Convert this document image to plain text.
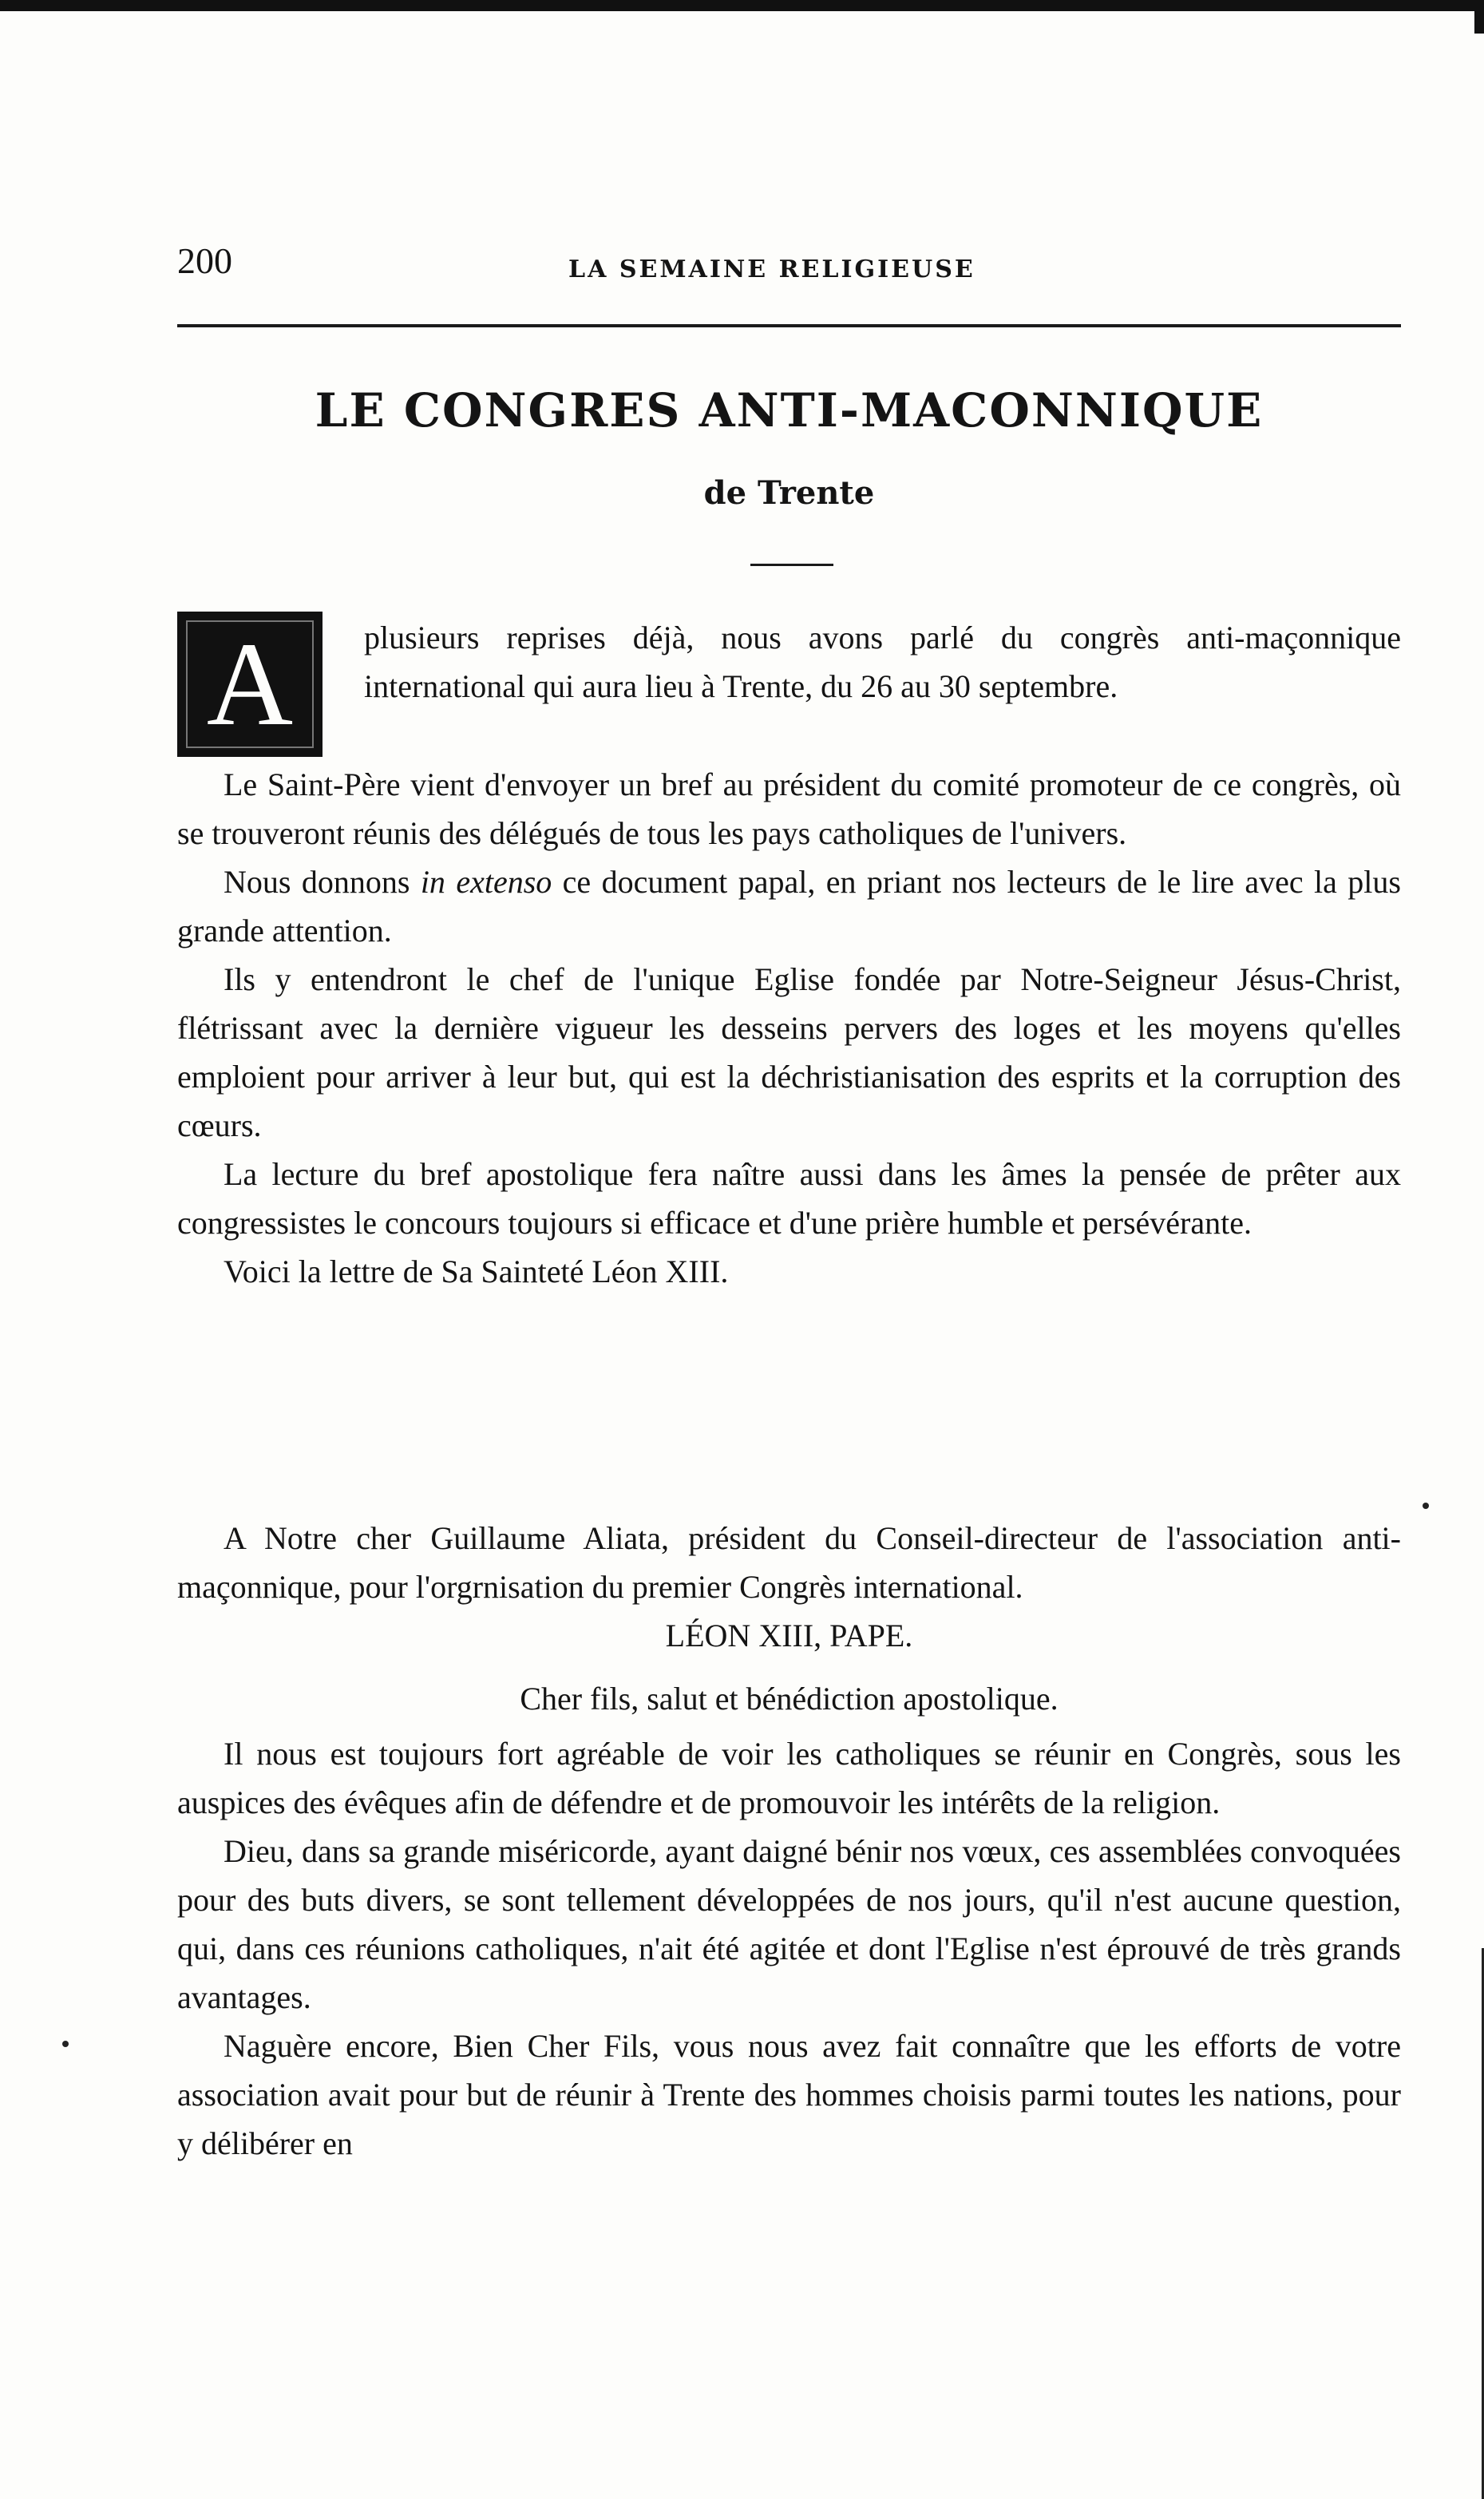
200	LA SEMAINE RELIGIEUSE
LE CONGRES ANTI-MACONNIQUE
de Trente
A plusieurs reprises déjà, nous avons parlé du congrès anti-maçonnique international qui aura lieu à Trente, du 26 au 30 septembre.

Le Saint-Père vient d'envoyer un bref au président du comité promoteur de ce congrès, où se trouveront réunis des délégués de tous les pays catholiques de l'univers.

Nous donnons in extenso ce document papal, en priant nos lecteurs de le lire avec la plus grande attention.

Ils y entendront le chef de l'unique Eglise fondée par Notre-Seigneur Jésus-Christ, flétrissant avec la dernière vigueur les desseins pervers des loges et les moyens qu'elles emploient pour arriver à leur but, qui est la déchristianisation des esprits et la corruption des cœurs.

La lecture du bref apostolique fera naître aussi dans les âmes la pensée de prêter aux congressistes le concours toujours si efficace et d'une prière humble et persévérante.

Voici la lettre de Sa Sainteté Léon XIII.

A Notre cher Guillaume Aliata, président du Conseil-directeur de l'association anti-maçonnique, pour l'orgrnisation du premier Congrès international.

LÉON XIII, PAPE.

Cher fils, salut et bénédiction apostolique.

Il nous est toujours fort agréable de voir les catholiques se réunir en Congrès, sous les auspices des évêques afin de défendre et de promouvoir les intérêts de la religion.

Dieu, dans sa grande miséricorde, ayant daigné bénir nos vœux, ces assemblées convoquées pour des buts divers, se sont tellement développées de nos jours, qu'il n'est aucune question, qui, dans ces réunions catholiques, n'ait été agitée et dont l'Eglise n'est éprouvé de très grands avantages.

Naguère encore, Bien Cher Fils, vous nous avez fait connaître que les efforts de votre association avait pour but de réunir à Trente des hommes choisis parmi toutes les nations, pour y délibérer en
